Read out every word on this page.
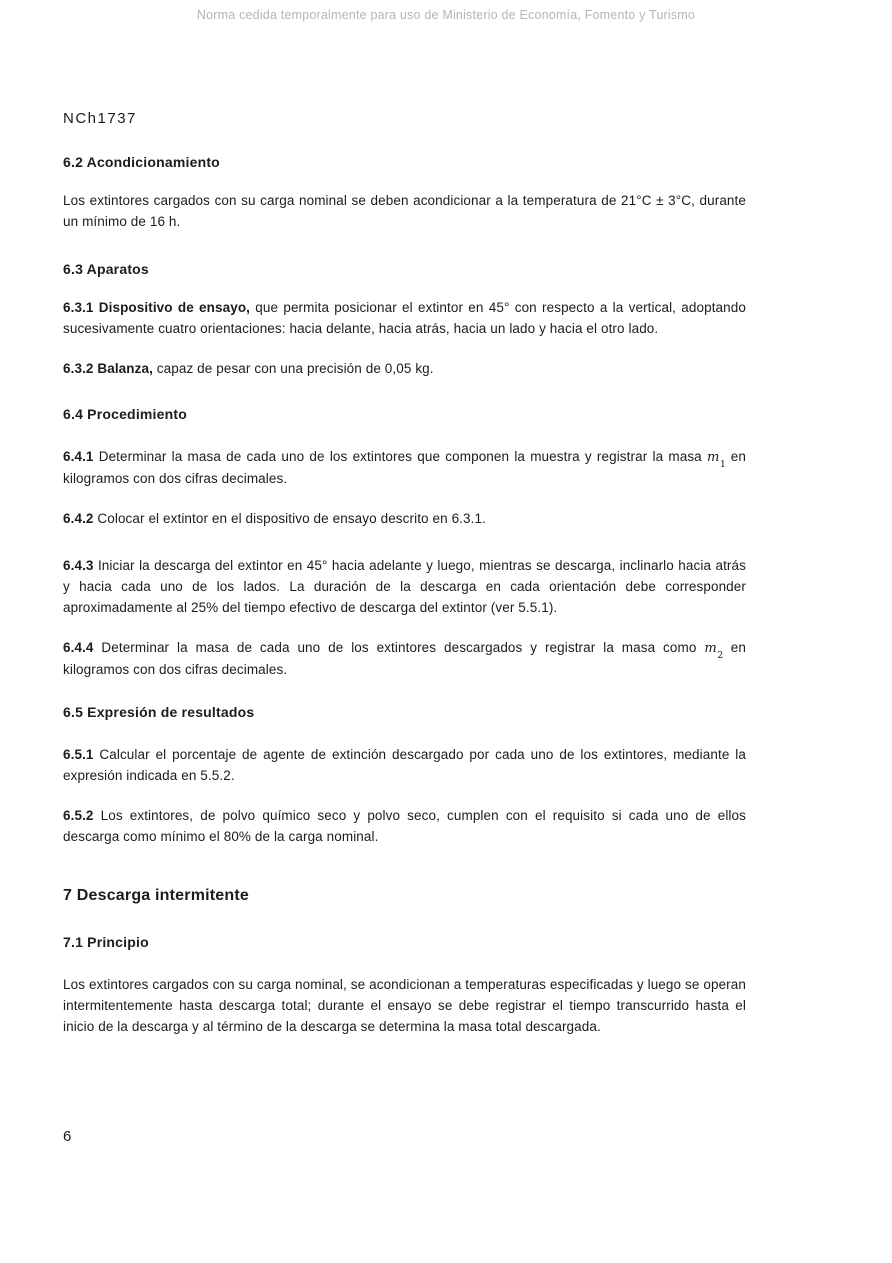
Norma cedida temporalmente para uso de Ministerio de Economía, Fomento y Turismo
NCh1737
6.2 Acondicionamiento

Los extintores cargados con su carga nominal se deben acondicionar a la temperatura de 21°C ± 3°C, durante un mínimo de 16 h.

6.3 Aparatos

6.3.1 Dispositivo de ensayo, que permita posicionar el extintor en 45° con respecto a la vertical, adoptando sucesivamente cuatro orientaciones: hacia delante, hacia atrás, hacia un lado y hacia el otro lado.

6.3.2 Balanza, capaz de pesar con una precisión de 0,05 kg.

6.4 Procedimiento

6.4.1 Determinar la masa de cada uno de los extintores que componen la muestra y registrar la masa $m_1$ en kilogramos con dos cifras decimales.

6.4.2 Colocar el extintor en el dispositivo de ensayo descrito en 6.3.1.

6.4.3 Iniciar la descarga del extintor en 45° hacia adelante y luego, mientras se descarga, inclinarlo hacia atrás y hacia cada uno de los lados. La duración de la descarga en cada orientación debe corresponder aproximadamente al 25% del tiempo efectivo de descarga del extintor (ver 5.5.1).

6.4.4 Determinar la masa de cada uno de los extintores descargados y registrar la masa como $m_2$ en kilogramos con dos cifras decimales.

6.5 Expresión de resultados

6.5.1 Calcular el porcentaje de agente de extinción descargado por cada uno de los extintores, mediante la expresión indicada en 5.5.2.

6.5.2 Los extintores, de polvo químico seco y polvo seco, cumplen con el requisito si cada uno de ellos descarga como mínimo el 80% de la carga nominal.

7 Descarga intermitente
7.1 Principio

Los extintores cargados con su carga nominal, se acondicionan a temperaturas especificadas y luego se operan intermitentemente hasta descarga total; durante el ensayo se debe registrar el tiempo transcurrido hasta el inicio de la descarga y al término de la descarga se determina la masa total descargada.

6
